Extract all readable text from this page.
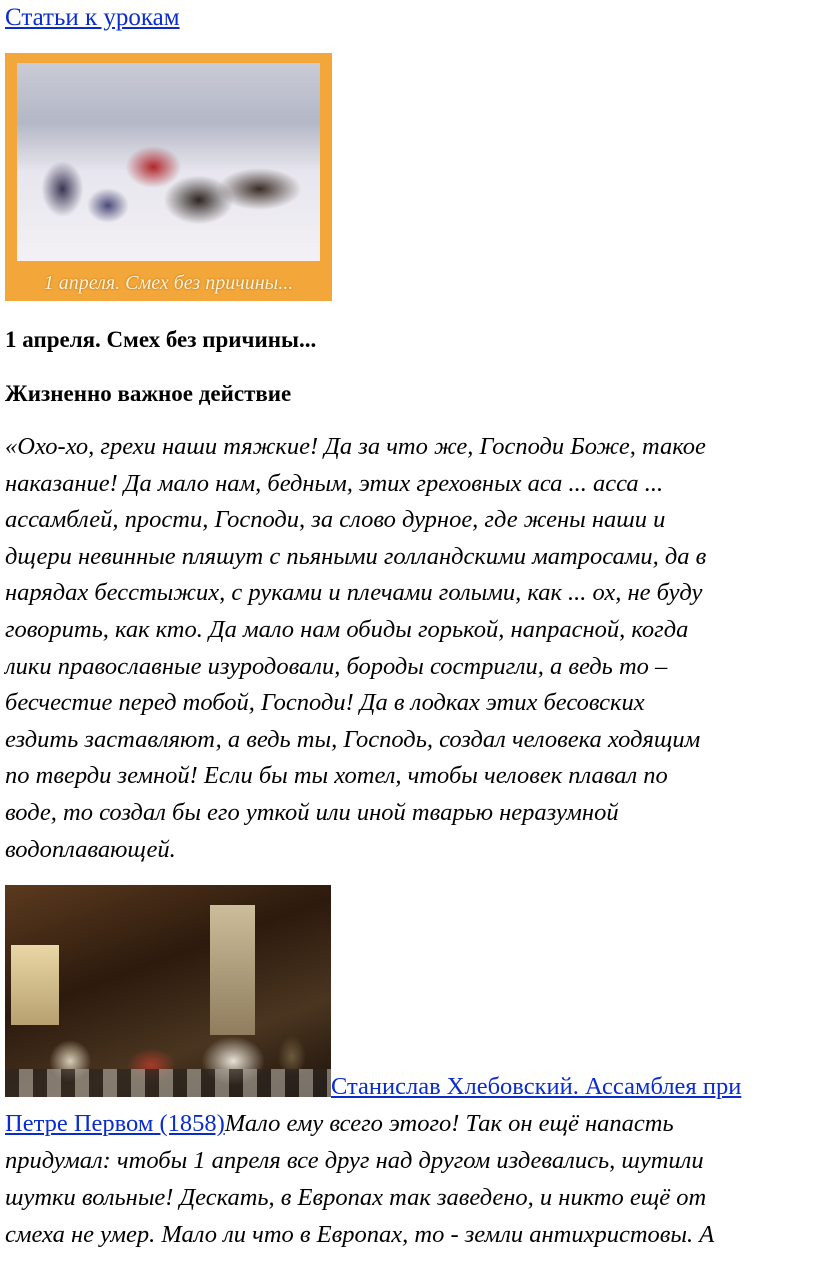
Статьи к урокам
1 апреля. Смех без причины...
1 апреля. Смех без причины...
Жизненно важное действие
«Охо-хо, грехи наши тяжкие! Да за что же, Господи Боже, такое
наказание! Да мало нам, бедным, этих греховных аса ... асса ...
ассамблей, прости, Господи, за слово дурное, где жены наши и
дщери невинные пляшут с пьяными голландскими матросами, да в
нарядах бесстыжих, с руками и плечами голыми, как ... ох, не буду
говорить, как кто. Да мало нам обиды горькой, напрасной, когда
лики православные изуродовали, бороды состригли, а ведь то –
бесчестие перед тобой, Господи! Да в лодках этих бесовских
ездить заставляют, а ведь ты, Господь, создал человека ходящим
по тверди земной! Если бы ты хотел, чтобы человек плавал по
воде, то создал бы его уткой или иной тварью неразумной
водоплавающей.
Станислав Хлебовский. Ассамблея при
Петре Первом (1858)Мало ему всего этого! Так он ещё напасть
придумал: чтобы 1 апреля все друг над другом издевались, шутили
шутки вольные! Дескать, в Европах так заведено, и никто ещё от
смеха не умер. Мало ли что в Европах, то - земли антихристовы. А
